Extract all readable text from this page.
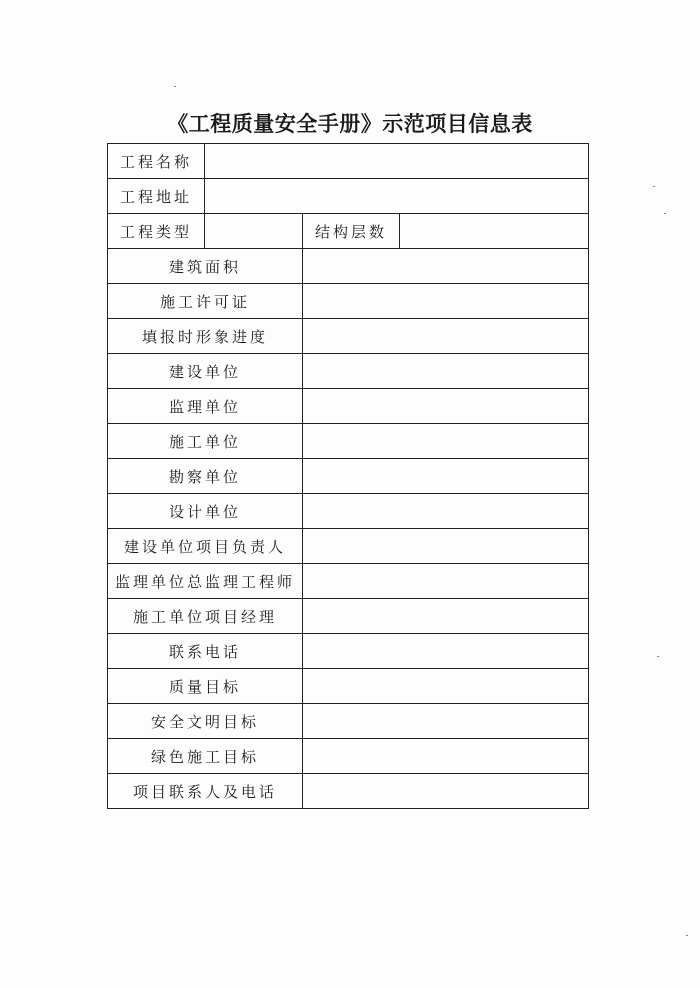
《工程质量安全手册》示范项目信息表
工程名称			
工程地址			
工程类型		结构层数	
建筑面积			
施工许可证			
填报时形象进度			
建设单位			
监理单位			
施工单位			
勘察单位			
设计单位			
建设单位项目负责人			
监理单位总监理工程师			
施工单位项目经理			
联系电话			
质量目标			
安全文明目标			
绿色施工目标			
项目联系人及电话			
